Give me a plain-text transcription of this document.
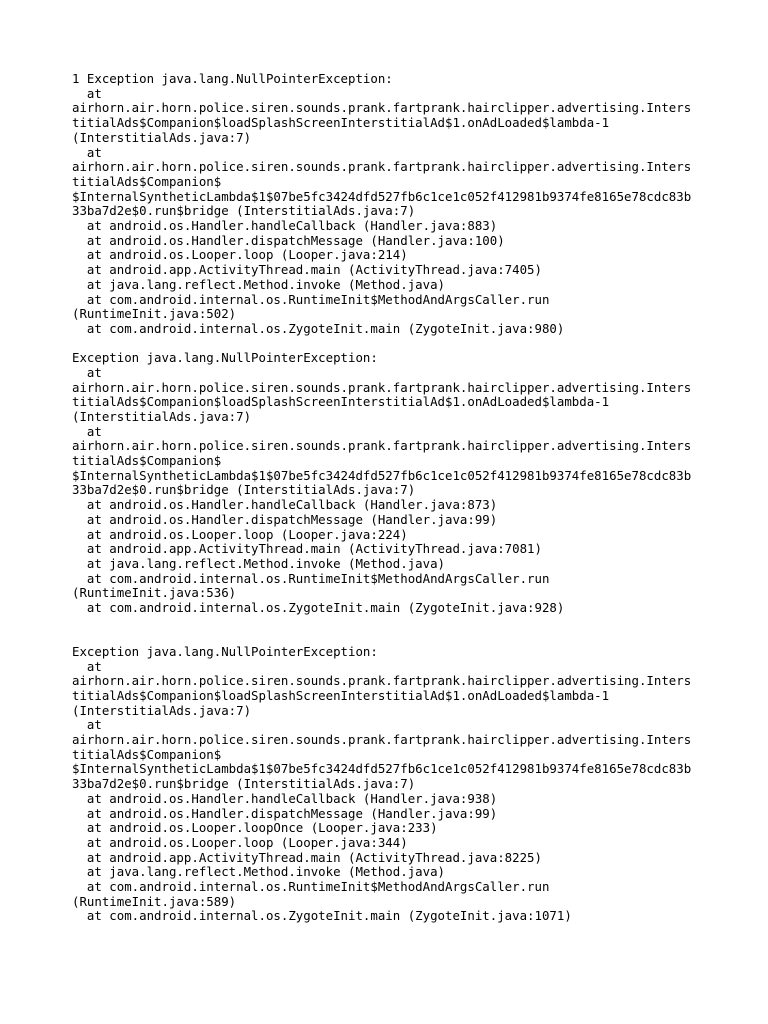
1 Exception java.lang.NullPointerException:
at
airhorn.air.horn.police.siren.sounds.prank.fartprank.hairclipper.advertising.Inters
titialAds$Companion$loadSplashScreenInterstitialAd$1.onAdLoaded$lambda-1
(InterstitialAds.java:7)
at
airhorn.air.horn.police.siren.sounds.prank.fartprank.hairclipper.advertising.Inters
titialAds$Companion$
$InternalSyntheticLambda$1$07be5fc3424dfd527fb6c1ce1c052f412981b9374fe8165e78cdc83b
33ba7d2e$0.run$bridge (InterstitialAds.java:7)
at android.os.Handler.handleCallback (Handler.java:883)
at android.os.Handler.dispatchMessage (Handler.java:100)
at android.os.Looper.loop (Looper.java:214)
at android.app.ActivityThread.main (ActivityThread.java:7405)
at java.lang.reflect.Method.invoke (Method.java)
at com.android.internal.os.RuntimeInit$MethodAndArgsCaller.run
(RuntimeInit.java:502)
at com.android.internal.os.ZygoteInit.main (ZygoteInit.java:980)
Exception java.lang.NullPointerException:
at
airhorn.air.horn.police.siren.sounds.prank.fartprank.hairclipper.advertising.Inters
titialAds$Companion$loadSplashScreenInterstitialAd$1.onAdLoaded$lambda-1
(InterstitialAds.java:7)
at
airhorn.air.horn.police.siren.sounds.prank.fartprank.hairclipper.advertising.Inters
titialAds$Companion$
$InternalSyntheticLambda$1$07be5fc3424dfd527fb6c1ce1c052f412981b9374fe8165e78cdc83b
33ba7d2e$0.run$bridge (InterstitialAds.java:7)
at android.os.Handler.handleCallback (Handler.java:873)
at android.os.Handler.dispatchMessage (Handler.java:99)
at android.os.Looper.loop (Looper.java:224)
at android.app.ActivityThread.main (ActivityThread.java:7081)
at java.lang.reflect.Method.invoke (Method.java)
at com.android.internal.os.RuntimeInit$MethodAndArgsCaller.run
(RuntimeInit.java:536)
at com.android.internal.os.ZygoteInit.main (ZygoteInit.java:928)
Exception java.lang.NullPointerException:
at
airhorn.air.horn.police.siren.sounds.prank.fartprank.hairclipper.advertising.Inters
titialAds$Companion$loadSplashScreenInterstitialAd$1.onAdLoaded$lambda-1
(InterstitialAds.java:7)
at
airhorn.air.horn.police.siren.sounds.prank.fartprank.hairclipper.advertising.Inters
titialAds$Companion$
$InternalSyntheticLambda$1$07be5fc3424dfd527fb6c1ce1c052f412981b9374fe8165e78cdc83b
33ba7d2e$0.run$bridge (InterstitialAds.java:7)
at android.os.Handler.handleCallback (Handler.java:938)
at android.os.Handler.dispatchMessage (Handler.java:99)
at android.os.Looper.loopOnce (Looper.java:233)
at android.os.Looper.loop (Looper.java:344)
at android.app.ActivityThread.main (ActivityThread.java:8225)
at java.lang.reflect.Method.invoke (Method.java)
at com.android.internal.os.RuntimeInit$MethodAndArgsCaller.run
(RuntimeInit.java:589)
at com.android.internal.os.ZygoteInit.main (ZygoteInit.java:1071)
